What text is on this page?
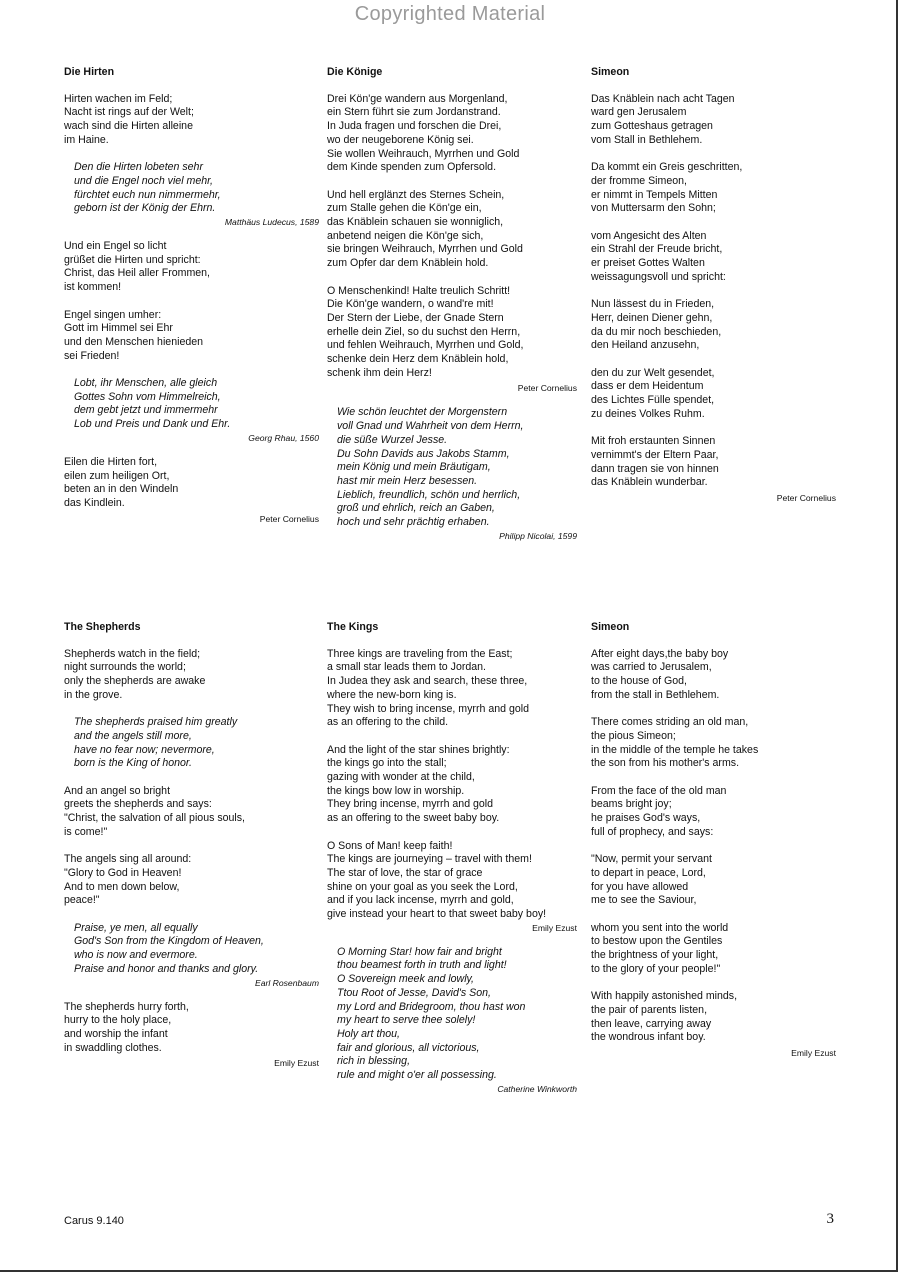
Copyrighted Material
Die Hirten
Hirten wachen im Feld;
Nacht ist rings auf der Welt;
wach sind die Hirten alleine
im Haine.
Den die Hirten lobeten sehr
und die Engel noch viel mehr,
fürchtet euch nun nimmermehr,
geborn ist der König der Ehrn.
Matthäus Ludecus, 1589
Und ein Engel so licht
grüßet die Hirten und spricht:
Christ, das Heil aller Frommen,
ist kommen!
Engel singen umher:
Gott im Himmel sei Ehr
und den Menschen hienieden
sei Frieden!
Lobt, ihr Menschen, alle gleich
Gottes Sohn vom Himmelreich,
dem gebt jetzt und immermehr
Lob und Preis und Dank und Ehr.
Georg Rhau, 1560
Eilen die Hirten fort,
eilen zum heiligen Ort,
beten an in den Windeln
das Kindlein.
Peter Cornelius
Die Könige
Drei Kön'ge wandern aus Morgenland,
ein Stern führt sie zum Jordanstrand.
In Juda fragen und forschen die Drei,
wo der neugeborene König sei.
Sie wollen Weihrauch, Myrrhen und Gold
dem Kinde spenden zum Opfersold.
Und hell erglänzt des Sternes Schein,
zum Stalle gehen die Kön'ge ein,
das Knäblein schauen sie wonniglich,
anbetend neigen die Kön'ge sich,
sie bringen Weihrauch, Myrrhen und Gold
zum Opfer dar dem Knäblein hold.
O Menschenkind! Halte treulich Schritt!
Die Kön'ge wandern, o wand're mit!
Der Stern der Liebe, der Gnade Stern
erhelle dein Ziel, so du suchst den Herrn,
und fehlen Weihrauch, Myrrhen und Gold,
schenke dein Herz dem Knäblein hold,
schenk ihm dein Herz!
Peter Cornelius
Wie schön leuchtet der Morgenstern
voll Gnad und Wahrheit von dem Herrn,
die süße Wurzel Jesse.
Du Sohn Davids aus Jakobs Stamm,
mein König und mein Bräutigam,
hast mir mein Herz besessen.
Lieblich, freundlich, schön und herrlich,
groß und ehrlich, reich an Gaben,
hoch und sehr prächtig erhaben.
Philipp Nicolai, 1599
Simeon
Das Knäblein nach acht Tagen
ward gen Jerusalem
zum Gotteshaus getragen
vom Stall in Bethlehem.
Da kommt ein Greis geschritten,
der fromme Simeon,
er nimmt in Tempels Mitten
von Muttersarm den Sohn;
vom Angesicht des Alten
ein Strahl der Freude bricht,
er preiset Gottes Walten
weissagungsvoll und spricht:
Nun lässest du in Frieden,
Herr, deinen Diener gehn,
da du mir noch beschieden,
den Heiland anzusehn,
den du zur Welt gesendet,
dass er dem Heidentum
des Lichtes Fülle spendet,
zu deines Volkes Ruhm.
Mit froh erstaunten Sinnen
vernimmt's der Eltern Paar,
dann tragen sie von hinnen
das Knäblein wunderbar.
Peter Cornelius
The Shepherds
Shepherds watch in the field;
night surrounds the world;
only the shepherds are awake
in the grove.
The shepherds praised him greatly
and the angels still more,
have no fear now; nevermore,
born is the King of honor.
And an angel so bright
greets the shepherds and says:
"Christ, the salvation of all pious souls,
is come!"
The angels sing all around:
"Glory to God in Heaven!
And to men down below,
peace!"
Praise, ye men, all equally
God's Son from the Kingdom of Heaven,
who is now and evermore.
Praise and honor and thanks and glory.
Earl Rosenbaum
The shepherds hurry forth,
hurry to the holy place,
and worship the infant
in swaddling clothes.
Emily Ezust
The Kings
Three kings are traveling from the East;
a small star leads them to Jordan.
In Judea they ask and search, these three,
where the new-born king is.
They wish to bring incense, myrrh and gold
as an offering to the child.
And the light of the star shines brightly:
the kings go into the stall;
gazing with wonder at the child,
the kings bow low in worship.
They bring incense, myrrh and gold
as an offering to the sweet baby boy.
O Sons of Man! keep faith!
The kings are journeying – travel with them!
The star of love, the star of grace
shine on your goal as you seek the Lord,
and if you lack incense, myrrh and gold,
give instead your heart to that sweet baby boy!
Emily Ezust
O Morning Star! how fair and bright
thou beamest forth in truth and light!
O Sovereign meek and lowly,
Ttou Root of Jesse, David's Son,
my Lord and Bridegroom, thou hast won
my heart to serve thee solely!
Holy art thou,
fair and glorious, all victorious,
rich in blessing,
rule and might o'er all possessing.
Catherine Winkworth
Simeon
After eight days,the baby boy
was carried to Jerusalem,
to the house of God,
from the stall in Bethlehem.
There comes striding an old man,
the pious Simeon;
in the middle of the temple he takes
the son from his mother's arms.
From the face of the old man
beams bright joy;
he praises God's ways,
full of prophecy, and says:
"Now, permit your servant
to depart in peace, Lord,
for you have allowed
me to see the Saviour,
whom you sent into the world
to bestow upon the Gentiles
the brightness of your light,
to the glory of your people!"
With happily astonished minds,
the pair of parents listen,
then leave, carrying away
the wondrous infant boy.
Emily Ezust
Carus 9.140	3
